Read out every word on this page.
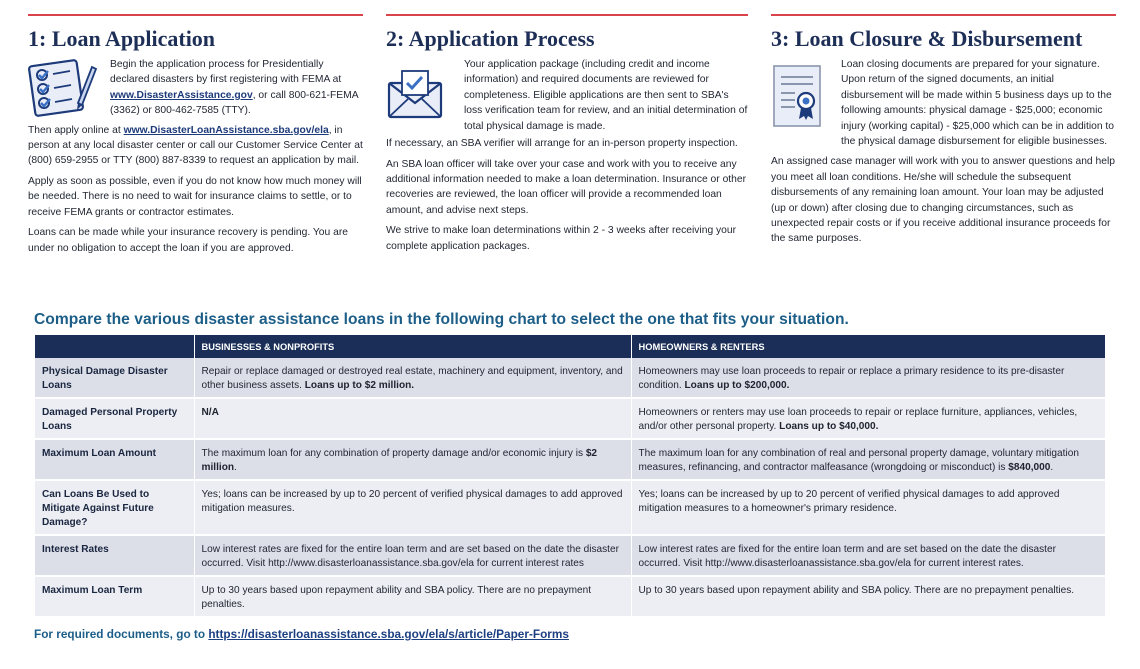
1: Loan Application
Begin the application process for Presidentially declared disasters by first registering with FEMA at www.DisasterAssistance.gov, or call 800-621-FEMA (3362) or 800-462-7585 (TTY).
Then apply online at www.DisasterLoanAssistance.sba.gov/ela, in person at any local disaster center or call our Customer Service Center at (800) 659-2955 or TTY (800) 887-8339 to request an application by mail.
Apply as soon as possible, even if you do not know how much money will be needed. There is no need to wait for insurance claims to settle, or to receive FEMA grants or contractor estimates.
Loans can be made while your insurance recovery is pending. You are under no obligation to accept the loan if you are approved.
2: Application Process
Your application package (including credit and income information) and required documents are reviewed for completeness. Eligible applications are then sent to SBA's loss verification team for review, and an initial determination of total physical damage is made.
If necessary, an SBA verifier will arrange for an in-person property inspection.
An SBA loan officer will take over your case and work with you to receive any additional information needed to make a loan determination. Insurance or other recoveries are reviewed, the loan officer will provide a recommended loan amount, and advise next steps.
We strive to make loan determinations within 2 - 3 weeks after receiving your complete application packages.
3: Loan Closure & Disbursement
Loan closing documents are prepared for your signature. Upon return of the signed documents, an initial disbursement will be made within 5 business days up to the following amounts: physical damage - $25,000; economic injury (working capital) - $25,000 which can be in addition to the physical damage disbursement for eligible businesses.
An assigned case manager will work with you to answer questions and help you meet all loan conditions. He/she will schedule the subsequent disbursements of any remaining loan amount. Your loan may be adjusted (up or down) after closing due to changing circumstances, such as unexpected repair costs or if you receive additional insurance proceeds for the same purposes.
Compare the various disaster assistance loans in the following chart to select the one that fits your situation.
	BUSINESSES & NONPROFITS	HOMEOWNERS & RENTERS
Physical Damage Disaster Loans	Repair or replace damaged or destroyed real estate, machinery and equipment, inventory, and other business assets. Loans up to $2 million.	Homeowners may use loan proceeds to repair or replace a primary residence to its pre-disaster condition. Loans up to $200,000.
Damaged Personal Property Loans	N/A	Homeowners or renters may use loan proceeds to repair or replace furniture, appliances, vehicles, and/or other personal property. Loans up to $40,000.
Maximum Loan Amount	The maximum loan for any combination of property damage and/or economic injury is $2 million.	The maximum loan for any combination of real and personal property damage, voluntary mitigation measures, refinancing, and contractor malfeasance (wrongdoing or misconduct) is $840,000.
Can Loans Be Used to Mitigate Against Future Damage?	Yes; loans can be increased by up to 20 percent of verified physical damages to add approved mitigation measures.	Yes; loans can be increased by up to 20 percent of verified physical damages to add approved mitigation measures to a homeowner's primary residence.
Interest Rates	Low interest rates are fixed for the entire loan term and are set based on the date the disaster occurred. Visit http://www.disasterloanassistance.sba.gov/ela for current interest rates	Low interest rates are fixed for the entire loan term and are set based on the date the disaster occurred. Visit http://www.disasterloanassistance.sba.gov/ela for current interest rates.
Maximum Loan Term	Up to 30 years based upon repayment ability and SBA policy. There are no prepayment penalties.	Up to 30 years based upon repayment ability and SBA policy. There are no prepayment penalties.
For required documents, go to https://disasterloanassistance.sba.gov/ela/s/article/Paper-Forms
